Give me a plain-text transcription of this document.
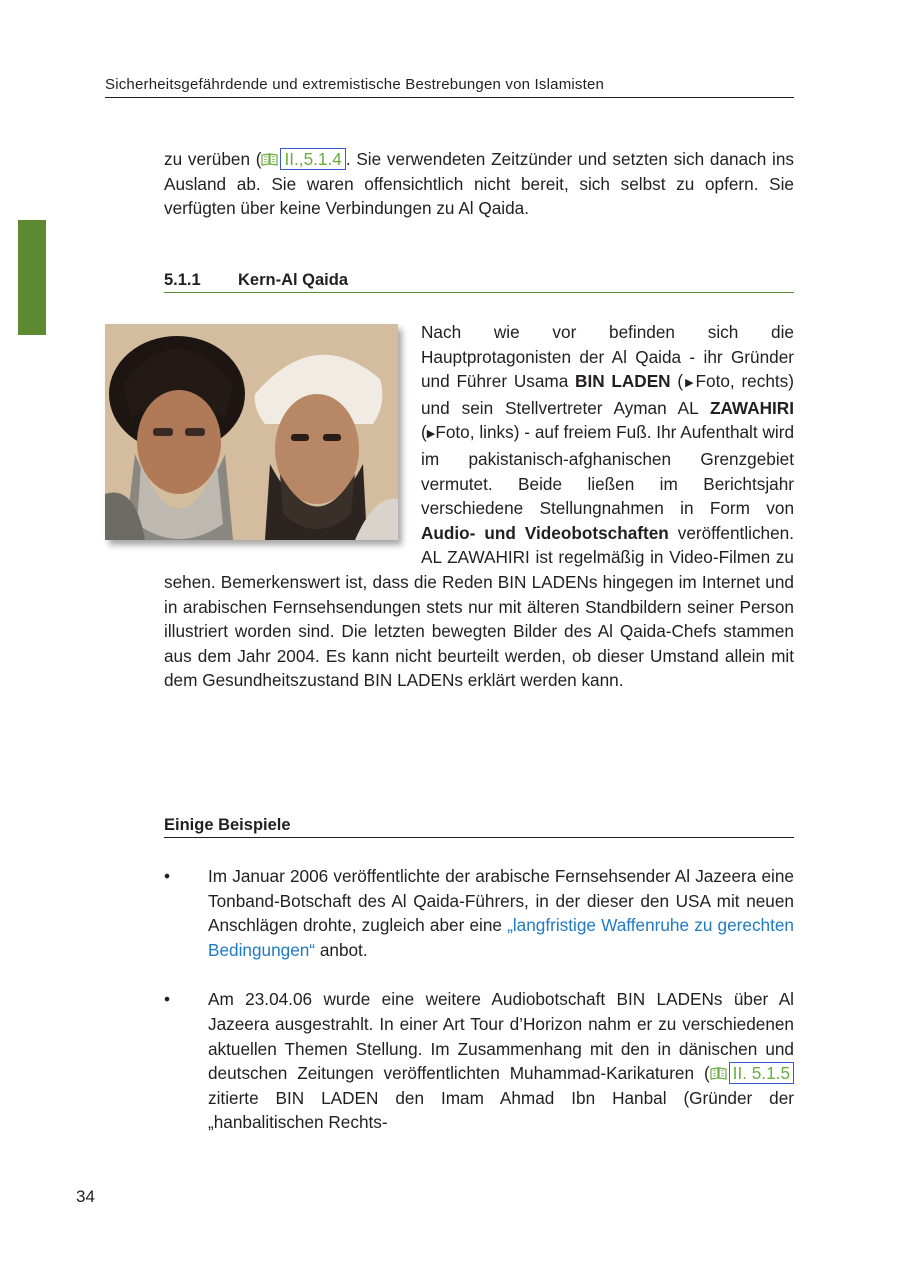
Sicherheitsgefährdende und extremistische Bestrebungen von Islamisten
zu verüben ( II.,5.1.4 . Sie verwendeten Zeitzünder und setzten sich danach ins Ausland ab. Sie waren offensichtlich nicht bereit, sich selbst zu opfern. Sie verfügten über keine Verbindungen zu Al Qaida.
5.1.1 Kern-Al Qaida
Nach wie vor befinden sich die Hauptprotagonisten der Al Qaida - ihr Gründer und Führer Usama BIN LADEN (▶Foto, rechts) und sein Stellvertreter Ayman AL ZAWAHIRI (▶Foto, links) - auf freiem Fuß. Ihr Aufenthalt wird im pakistanisch-afghanischen Grenzgebiet vermutet. Beide ließen im Berichtsjahr verschiedene Stellungnahmen in Form von Audio- und Videobotschaften veröffentlichen. AL ZAWAHIRI ist regelmäßig in Video-Filmen zu sehen. Bemerkenswert ist, dass die Reden BIN LADENs hingegen im Internet und in arabischen Fernsehsendungen stets nur mit älteren Standbildern seiner Person illustriert worden sind. Die letzten bewegten Bilder des Al Qaida-Chefs stammen aus dem Jahr 2004. Es kann nicht beurteilt werden, ob dieser Umstand allein mit dem Gesundheitszustand BIN LADENs erklärt werden kann.
Einige Beispiele
• Im Januar 2006 veröffentlichte der arabische Fernsehsender Al Jazeera eine Tonband-Botschaft des Al Qaida-Führers, in der dieser den USA mit neuen Anschlägen drohte, zugleich aber eine „langfristige Waffenruhe zu gerechten Bedingungen“ anbot.
• Am 23.04.06 wurde eine weitere Audiobotschaft BIN LADENs über Al Jazeera ausgestrahlt. In einer Art Tour d’Horizon nahm er zu verschiedenen aktuellen Themen Stellung. Im Zusammenhang mit den in dänischen und deutschen Zeitungen veröffentlichten Muhammad-Karikaturen ( II. 5.1.5 zitierte BIN LADEN den Imam Ahmad Ibn Hanbal (Gründer der „hanbalitischen Rechts-
34
